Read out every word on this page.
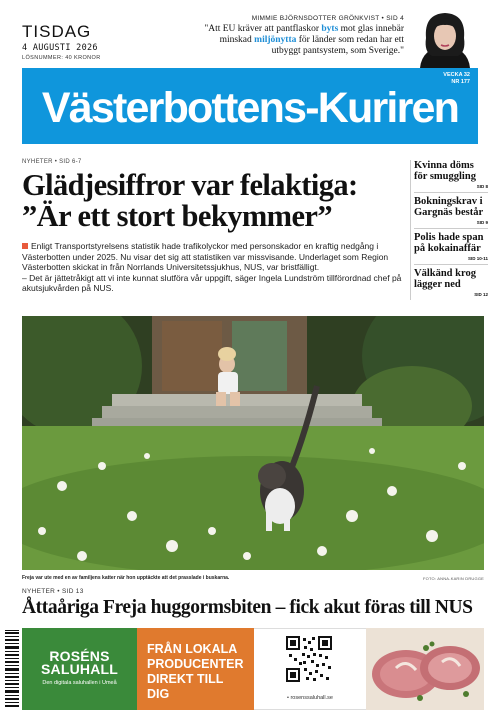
TISDAG
4 AUGUSTI 2026
LÖSNUMMER: 40 KRONOR
MIMMIE BJÖRNSDOTTER GRÖNKVIST • SID 4
"Att EU kräver att pantflaskor byts mot glas innebär minskad miljönytta för länder som redan har ett utbyggt pantsystem, som Sverige."
VECKA 32
NR 177
Västerbottens-Kuriren
NYHETER • SID 6-7
Glädjesiffror var felaktiga:
”Är ett stort bekymmer”
Enligt Transportstyrelsens statistik hade trafikolyckor med personskador en kraftig nedgång i Västerbotten under 2025. Nu visar det sig att statistiken var missvisande. Underlaget som Region Västerbotten skickat in från Norrlands Universitetssjukhus, NUS, var bristfälligt.
– Det är jättetråkigt att vi inte kunnat slutföra vår uppgift, säger Ingela Lundström tillförordnad chef på akutsjukvården på NUS.
Kvinna döms för smuggling
SID 8
Bokningskrav i Gargnäs består
SID 9
Polis hade span på kokainaffär
SID 10-11
Välkänd krog lägger ned
SID 12
Freja var ute med en av familjens katter när hon upptäckte att det prasslade i buskarna.	FOTO: ANNA-KARIN DRUGGE
NYHETER • SID 13
Åttaåriga Freja huggormsbiten – fick akut föras till NUS
ROSÉNS
SALUHALL
Den digitala saluhallen i Umeå
FRÅN LOKALA
PRODUCENTER
DIREKT TILL DIG	• rosenssaluhall.se
